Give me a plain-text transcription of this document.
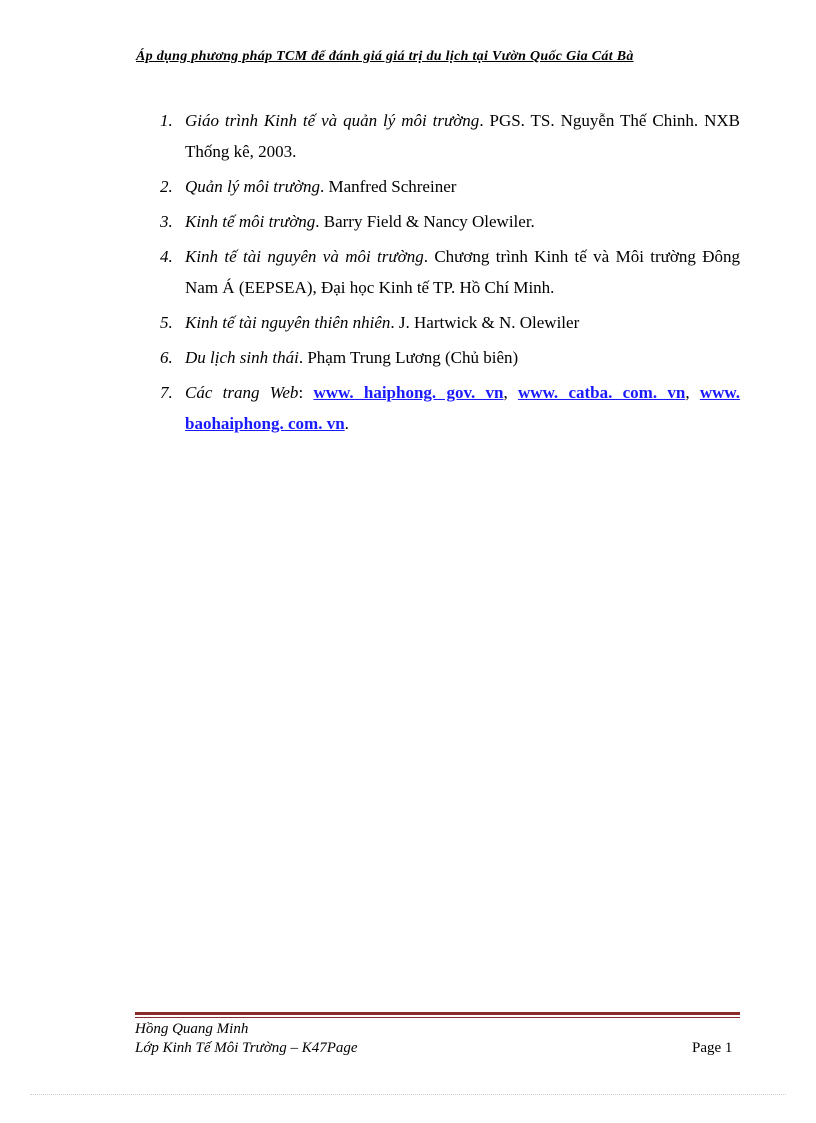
Áp dụng phương pháp TCM để đánh giá giá trị du lịch tại Vườn Quốc Gia Cát Bà
1. Giáo trình Kinh tế và quản lý môi trường. PGS. TS. Nguyễn Thế Chinh. NXB Thống kê, 2003.
2. Quản lý môi trường. Manfred Schreiner
3. Kinh tế môi trường. Barry Field & Nancy Olewiler.
4. Kinh tế tài nguyên và môi trường. Chương trình Kinh tế và Môi trường Đông Nam Á (EEPSEA), Đại học Kinh tế TP. Hồ Chí Minh.
5. Kinh tế tài nguyên thiên nhiên. J. Hartwick & N. Olewiler
6. Du lịch sinh thái. Phạm Trung Lương (Chủ biên)
7. Các trang Web: www. haiphong. gov. vn, www. catba. com. vn, www. baohaiphong. com. vn.
Hồng Quang Minh
Lớp Kinh Tế Môi Trường – K47Page	Page 1
